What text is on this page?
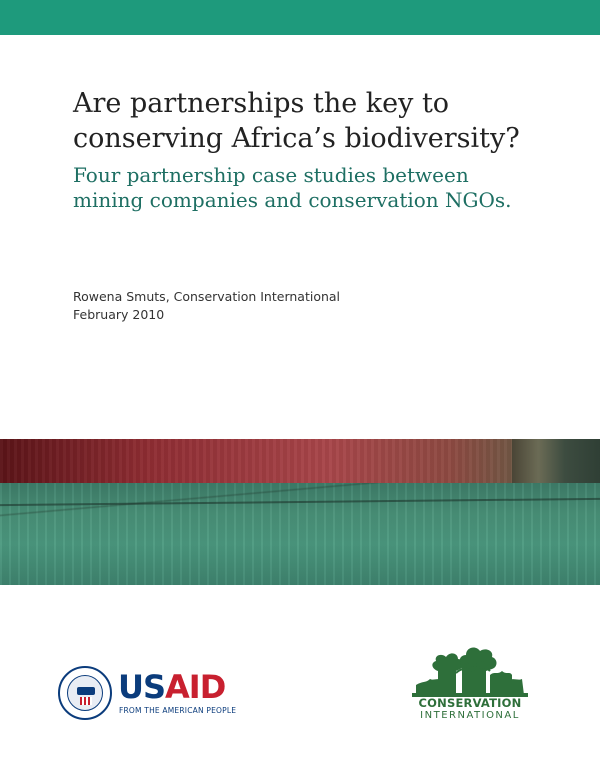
Are partnerships the key to
conserving Africa’s biodiversity?
Four partnership case studies between
mining companies and conservation NGOs.
Rowena Smuts, Conservation International
February 2010
USAID
FROM THE AMERICAN PEOPLE
CONSERVATION
INTERNATIONAL
